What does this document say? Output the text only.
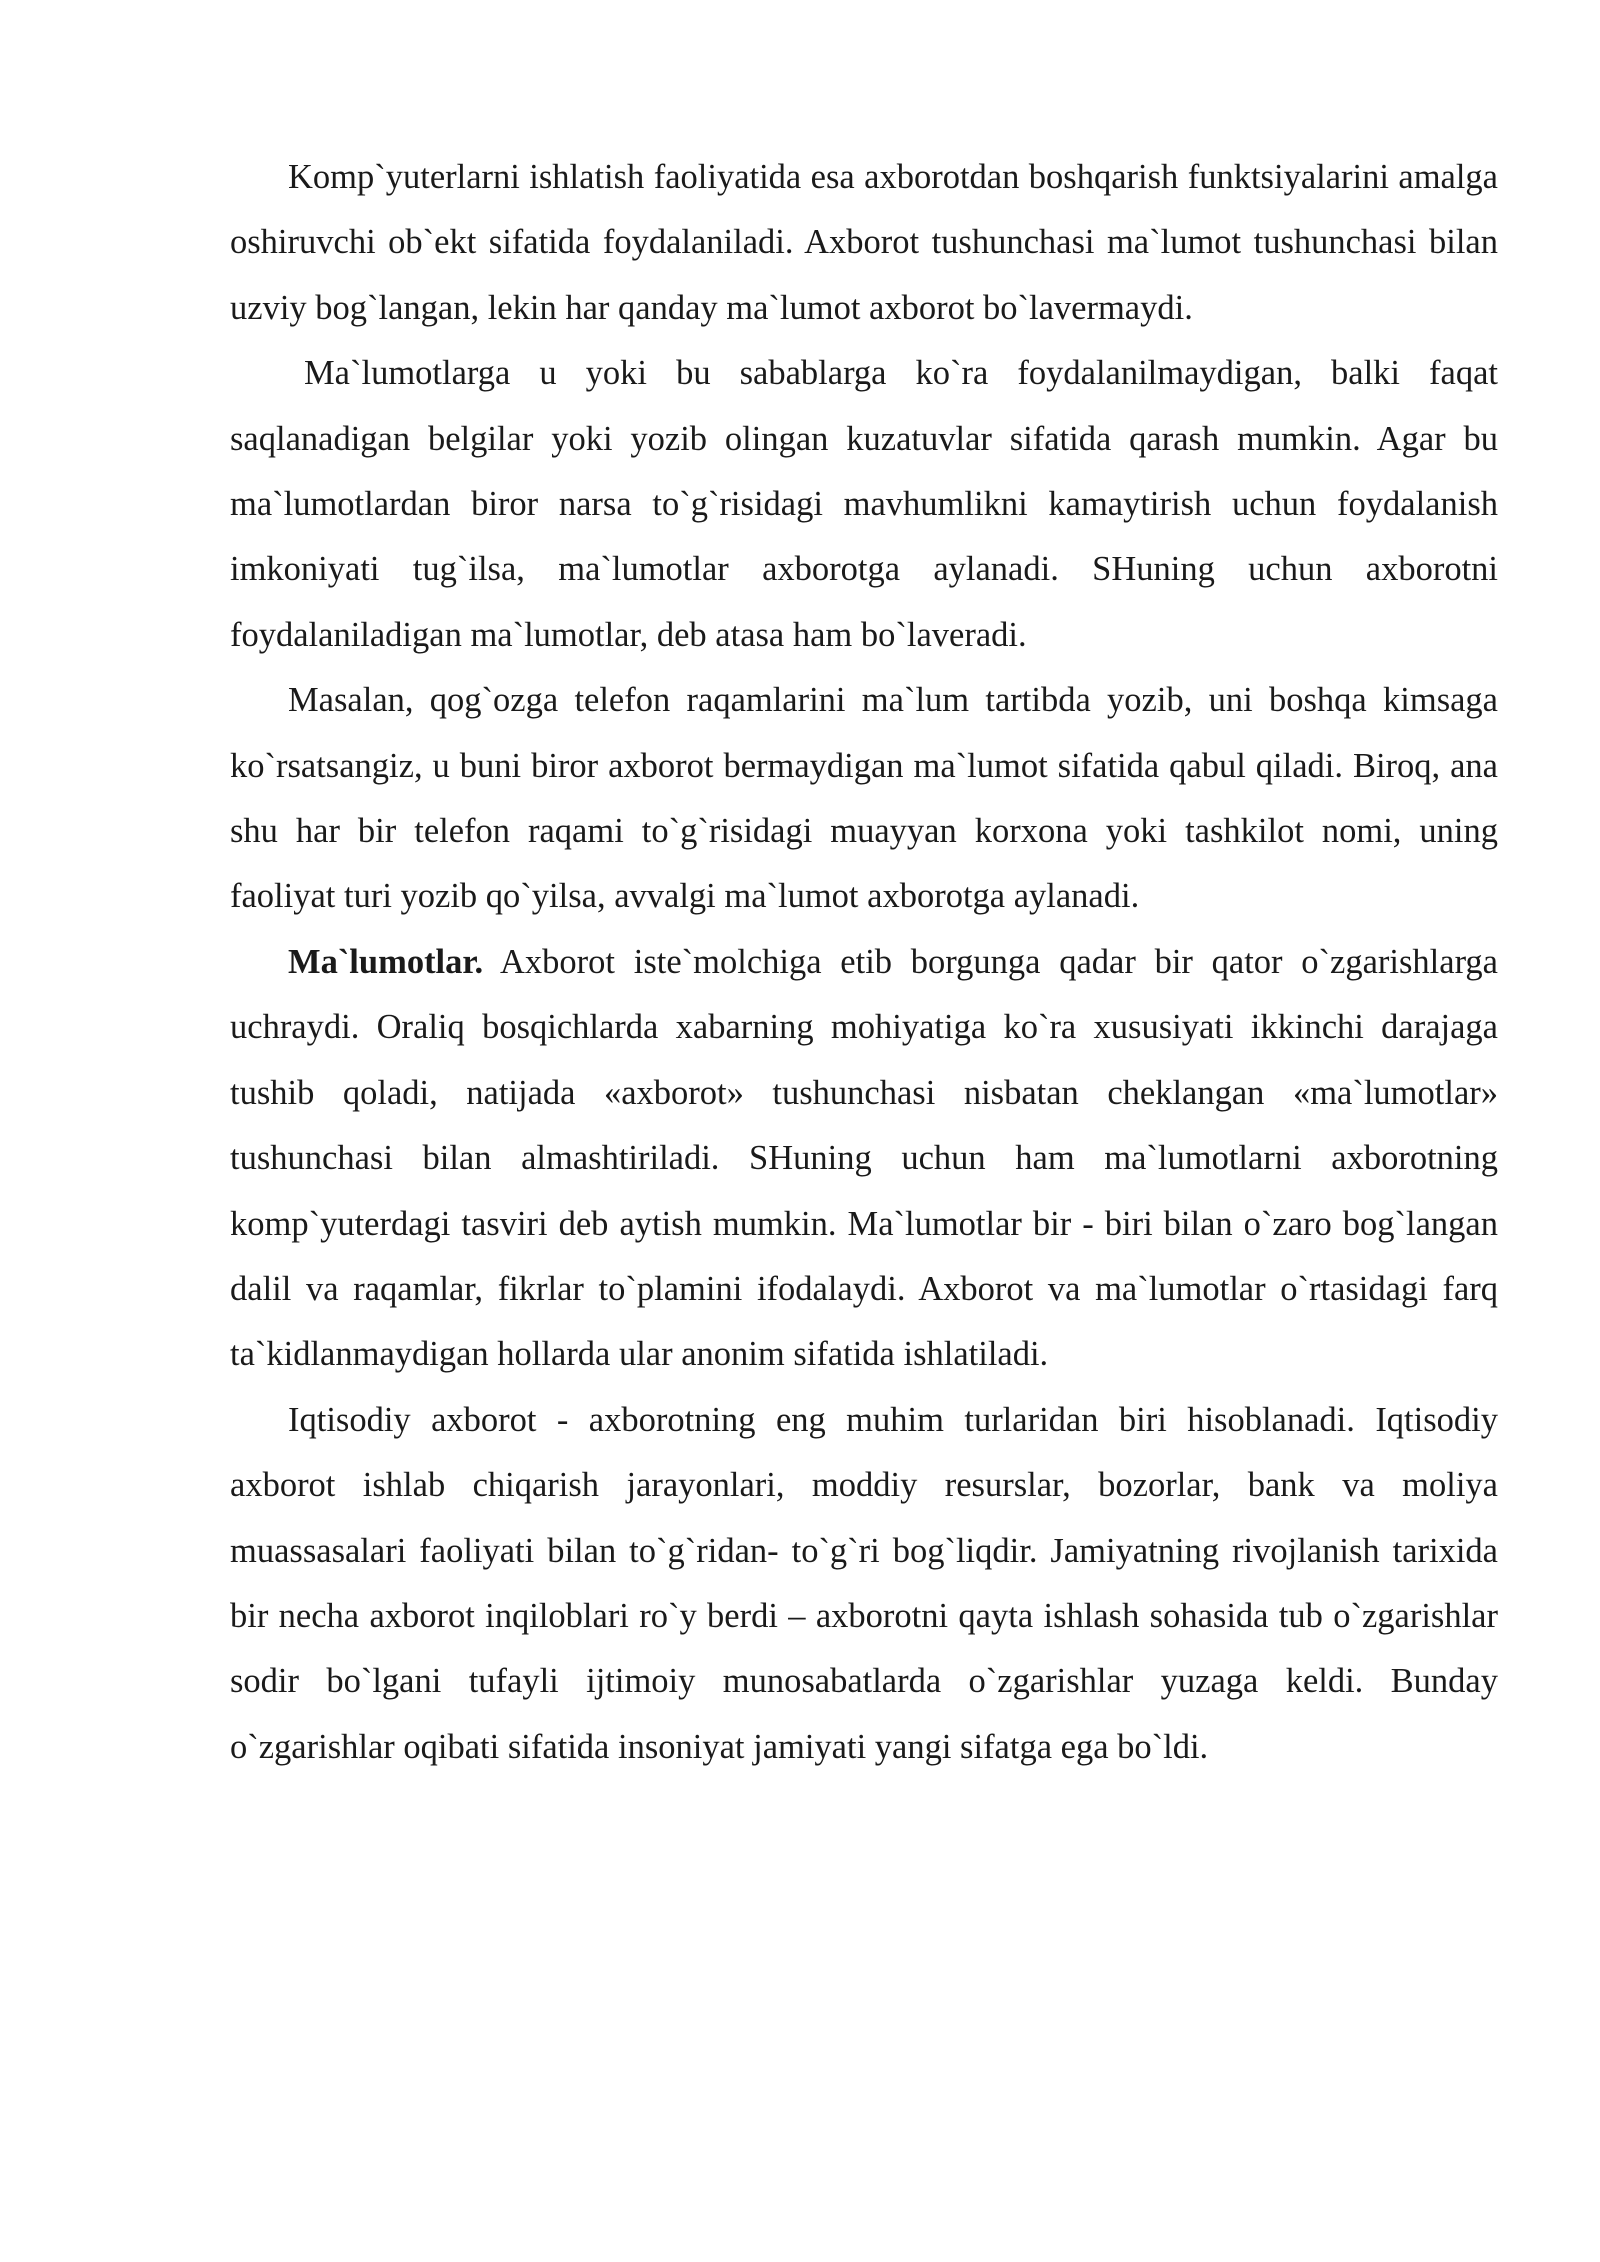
Komp`yuterlarni ishlatish faoliyatida esa axborotdan boshqarish funktsiyalarini amalga oshiruvchi ob`ekt sifatida foydalaniladi. Axborot tushunchasi ma`lumot tushunchasi bilan uzviy bog`langan, lekin har qanday ma`lumot axborot bo`lavermaydi.

Ma`lumotlarga u yoki bu sabablarga ko`ra foydalanilmaydigan, balki faqat saqlanadigan belgilar yoki yozib olingan kuzatuvlar sifatida qarash mumkin. Agar bu ma`lumotlardan biror narsa to`g`risidagi mavhumlikni kamaytirish uchun foydalanish imkoniyati tug`ilsa, ma`lumotlar axborotga aylanadi. SHuning uchun axborotni foydalaniladigan ma`lumotlar, deb atasa ham bo`laveradi.

Masalan, qog`ozga telefon raqamlarini ma`lum tartibda yozib, uni boshqa kimsaga ko`rsatsangiz, u buni biror axborot bermaydigan ma`lumot sifatida qabul qiladi. Biroq, ana shu har bir telefon raqami to`g`risidagi muayyan korxona yoki tashkilot nomi, uning faoliyat turi yozib qo`yilsa, avvalgi ma`lumot axborotga aylanadi.

Ma`lumotlar. Axborot iste`molchiga etib borgunga qadar bir qator o`zgarishlarga uchraydi. Oraliq bosqichlarda xabarning mohiyatiga ko`ra xususiyati ikkinchi darajaga tushib qoladi, natijada «axborot» tushunchasi nisbatan cheklangan «ma`lumotlar» tushunchasi bilan almashtiriladi. SHuning uchun ham ma`lumotlarni axborotning komp`yuterdagi tasviri deb aytish mumkin. Ma`lumotlar bir - biri bilan o`zaro bog`langan dalil va raqamlar, fikrlar to`plamini ifodalaydi. Axborot va ma`lumotlar o`rtasidagi farq ta`kidlanmaydigan hollarda ular anonim sifatida ishlatiladi.

Iqtisodiy axborot - axborotning eng muhim turlaridan biri hisoblanadi. Iqtisodiy axborot ishlab chiqarish jarayonlari, moddiy resurslar, bozorlar, bank va moliya muassasalari faoliyati bilan to`g`ridan- to`g`ri bog`liqdir. Jamiyatning rivojlanish tarixida bir necha axborot inqiloblari ro`y berdi – axborotni qayta ishlash sohasida tub o`zgarishlar sodir bo`lgani tufayli ijtimoiy munosabatlarda o`zgarishlar yuzaga keldi. Bunday o`zgarishlar oqibati sifatida insoniyat jamiyati yangi sifatga ega bo`ldi.
